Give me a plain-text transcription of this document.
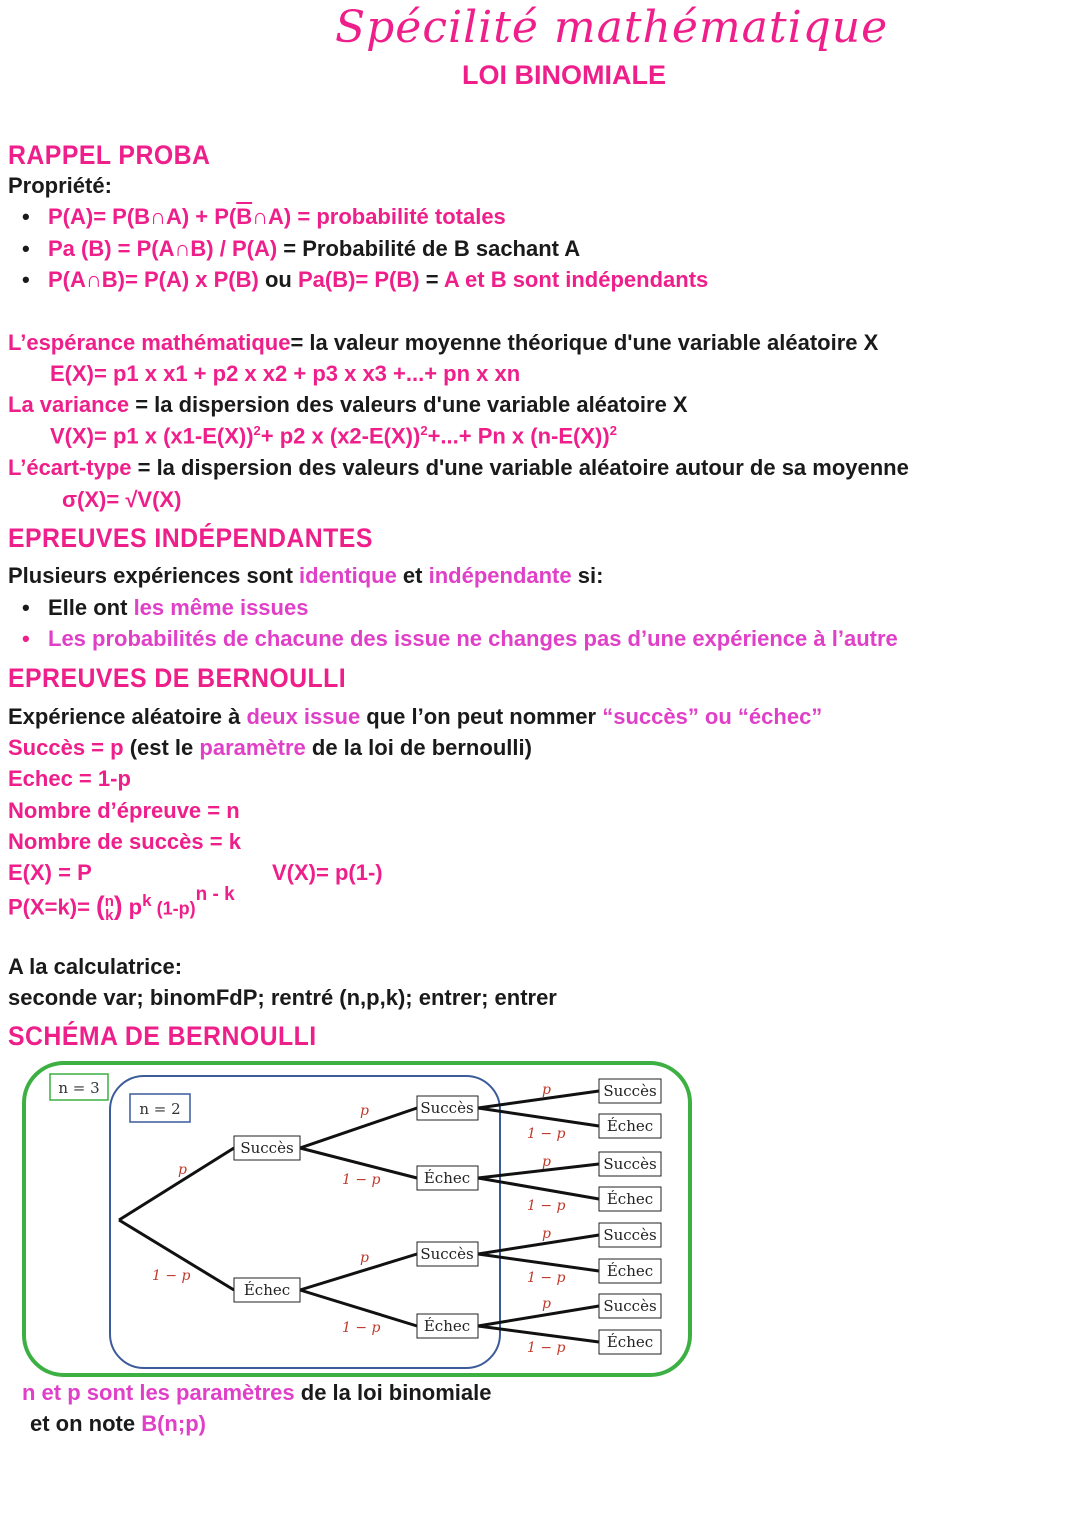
Spécilité mathématique
LOI BINOMIALE
RAPPEL PROBA
Propriété:
• P(A)= P(B∩A) + $P(\overline{B}\cap A)$ = probabilité totales
• Pa (B) = P(A∩B) / P(A) = Probabilité de B sachant A
• P(A∩B)= P(A) x P(B) ou Pa(B)= P(B) = A et B sont indépendants
L’espérance mathématique= la valeur moyenne théorique d'une variable aléatoire X
E(X)= p1 x x1 + p2 x x2 + p3 x x3 +...+ pn x xn
La variance = la dispersion des valeurs d'une variable aléatoire X
V(X)= p1 x $(x1-E(X))^2+ p2$ x $(x2-E(X))^2+...+ Pn$ x $(n-E(X))^2$
L’écart-type = la dispersion des valeurs d'une variable aléatoire autour de sa moyenne
σ(X)= √V(X)
EPREUVES INDÉPENDANTES
Plusieurs expériences sont identique et indépendante si:
• Elle ont les même issues
• Les probabilités de chacune des issue ne changes pas d’une expérience à l’autre
EPREUVES DE BERNOULLI
Expérience aléatoire à deux issue que l’on peut nommer “succès” ou “échec”
Succès = p (est le paramètre de la loi de bernoulli)
Echec = 1-p
Nombre d’épreuve = n
Nombre de succès = k
E(X) = P	V(X)= p(1-)
P(X=k)= ( n
k ) $p^k$ $(1-p)^{n - k}$
A la calculatrice:
seconde var; binomFdP; rentré (n,p,k); entrer; entrer
SCHÉMA DE BERNOULLI
n = 3
n = 2
Succès
Échec
Succès
Échec
Succès
Échec
Succès
Échec
Succès
Échec
Succès
Échec
Succès
Échec
p
1 − p
p
1 − p
p
1 − p
p
1 − p
p
1 − p
p
1 − p
p
1 − p
n et p sont les paramètres de la loi binomiale
et on note B(n;p)
